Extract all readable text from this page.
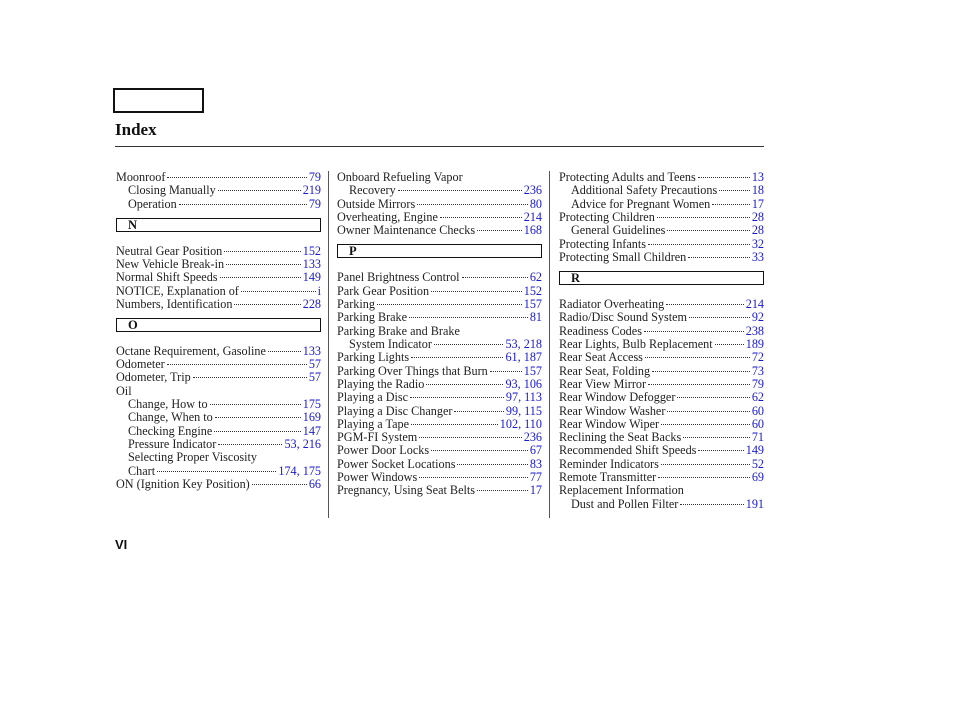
Index
Moonroof	79
Closing Manually	219
Operation	79
N
Neutral Gear Position	152
New Vehicle Break-in	133
Normal Shift Speeds	149
NOTICE, Explanation of	i
Numbers, Identification	228
O
Octane Requirement, Gasoline	133
Odometer	57
Odometer, Trip	57
Oil
Change, How to	175
Change, When to	169
Checking Engine	147
Pressure Indicator	53, 216
Selecting Proper Viscosity
Chart	174, 175
ON (Ignition Key Position)	66
Onboard Refueling Vapor
Recovery	236
Outside Mirrors	80
Overheating, Engine	214
Owner Maintenance Checks	168
P
Panel Brightness Control	62
Park Gear Position	152
Parking	157
Parking Brake	81
Parking Brake and Brake
System Indicator	53, 218
Parking Lights	61, 187
Parking Over Things that Burn	157
Playing the Radio	93, 106
Playing a Disc	97, 113
Playing a Disc Changer	99, 115
Playing a Tape	102, 110
PGM-FI System	236
Power Door Locks	67
Power Socket Locations	83
Power Windows	77
Pregnancy, Using Seat Belts	17
Protecting Adults and Teens	13
Additional Safety Precautions	18
Advice for Pregnant Women	17
Protecting Children	28
General Guidelines	28
Protecting Infants	32
Protecting Small Children	33
R
Radiator Overheating	214
Radio/Disc Sound System	92
Readiness Codes	238
Rear Lights, Bulb Replacement	189
Rear Seat Access	72
Rear Seat, Folding	73
Rear View Mirror	79
Rear Window Defogger	62
Rear Window Washer	60
Rear Window Wiper	60
Reclining the Seat Backs	71
Recommended Shift Speeds	149
Reminder Indicators	52
Remote Transmitter	69
Replacement Information
Dust and Pollen Filter	191
VI
